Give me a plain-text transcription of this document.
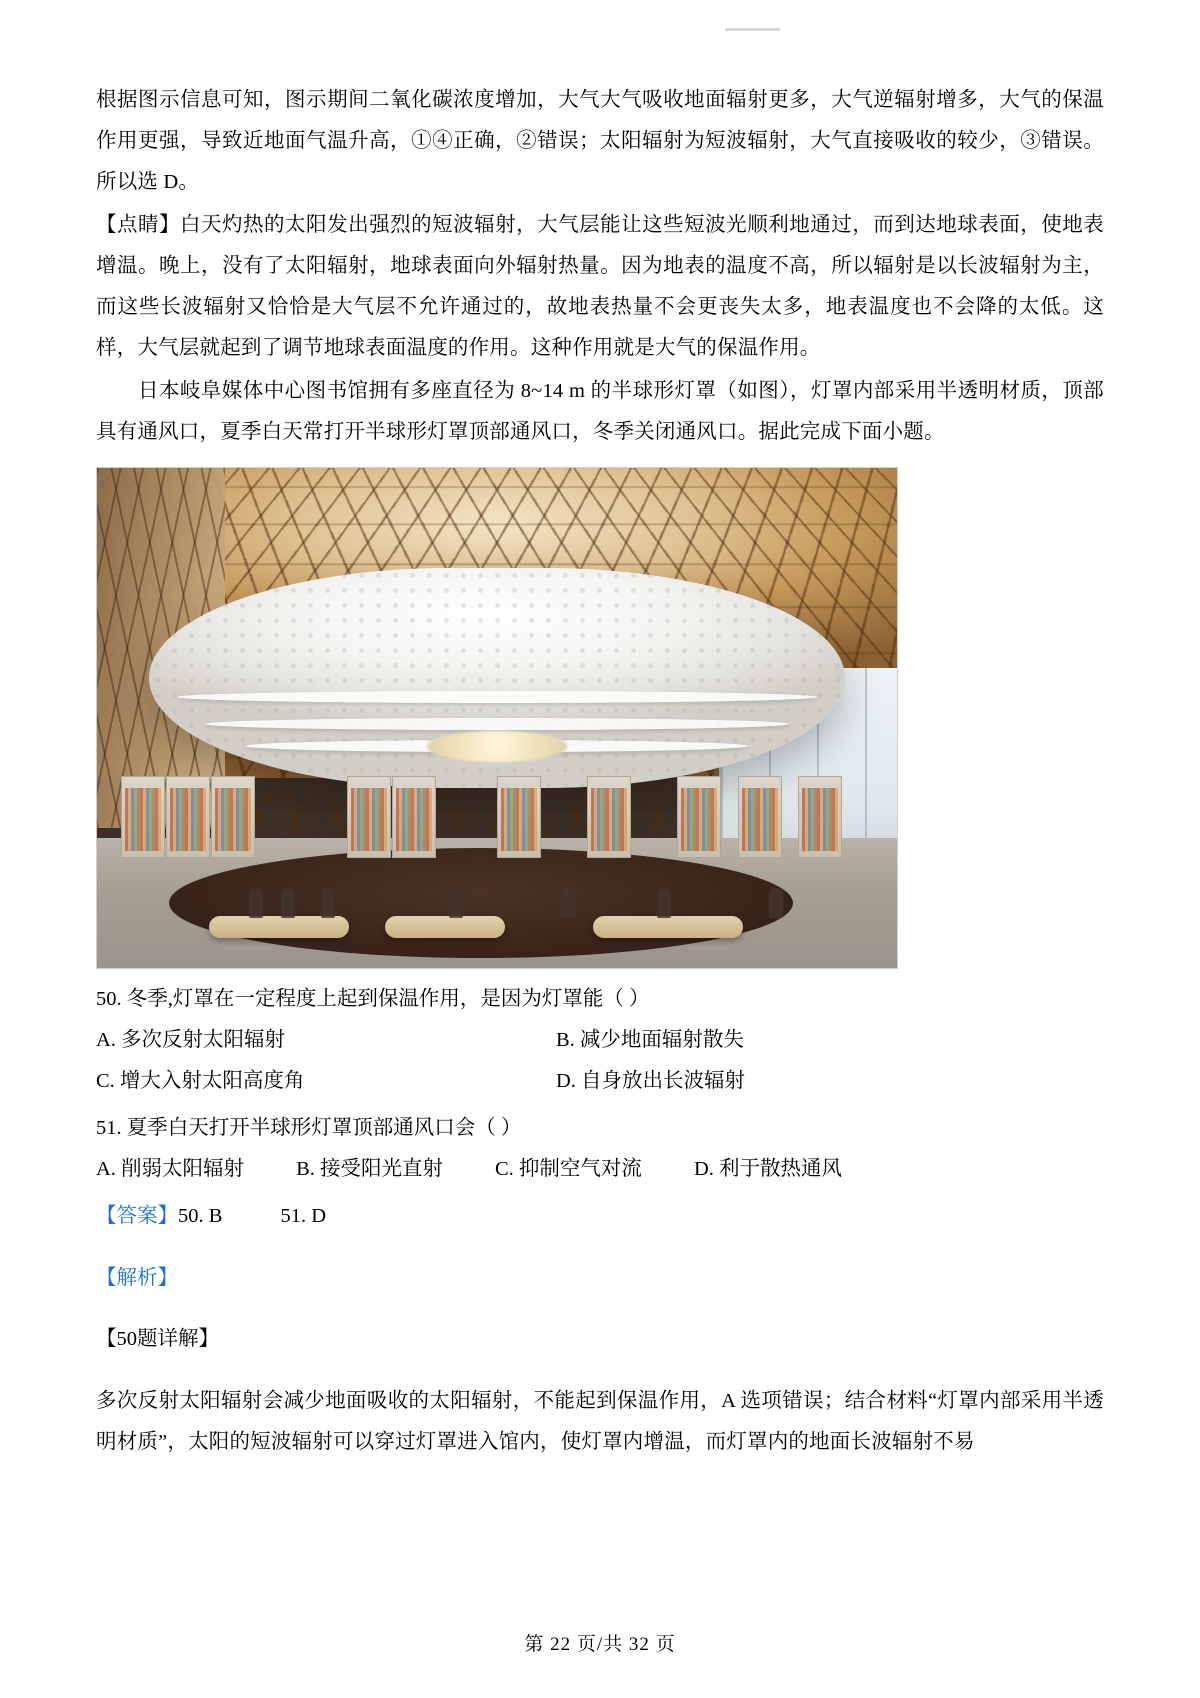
根据图示信息可知，图示期间二氧化碳浓度增加，大气大气吸收地面辐射更多，大气逆辐射增多，大气的保温作用更强，导致近地面气温升高，①④正确，②错误；太阳辐射为短波辐射，大气直接吸收的较少，③错误。所以选 D。

【点睛】白天灼热的太阳发出强烈的短波辐射，大气层能让这些短波光顺利地通过，而到达地球表面，使地表增温。晚上，没有了太阳辐射，地球表面向外辐射热量。因为地表的温度不高，所以辐射是以长波辐射为主，而这些长波辐射又恰恰是大气层不允许通过的，故地表热量不会更丧失太多，地表温度也不会降的太低。这样，大气层就起到了调节地球表面温度的作用。这种作用就是大气的保温作用。

日本岐阜媒体中心图书馆拥有多座直径为 8~14 m 的半球形灯罩（如图），灯罩内部采用半透明材质，顶部具有通风口，夏季白天常打开半球形灯罩顶部通风口，冬季关闭通风口。据此完成下面小题。

50. 冬季,灯罩在一定程度上起到保温作用，是因为灯罩能（ ）

A. 多次反射太阳辐射	B. 减少地面辐射散失
C. 增大入射太阳高度角	D. 自身放出长波辐射

51. 夏季白天打开半球形灯罩顶部通风口会（ ）

A. 削弱太阳辐射	B. 接受阳光直射	C. 抑制空气对流	D. 利于散热通风

【答案】50. B	51. D

【解析】

【50题详解】

多次反射太阳辐射会减少地面吸收的太阳辐射，不能起到保温作用，A 选项错误；结合材料“灯罩内部采用半透明材质”，太阳的短波辐射可以穿过灯罩进入馆内，使灯罩内增温，而灯罩内的地面长波辐射不易

第 22 页/共 32 页
